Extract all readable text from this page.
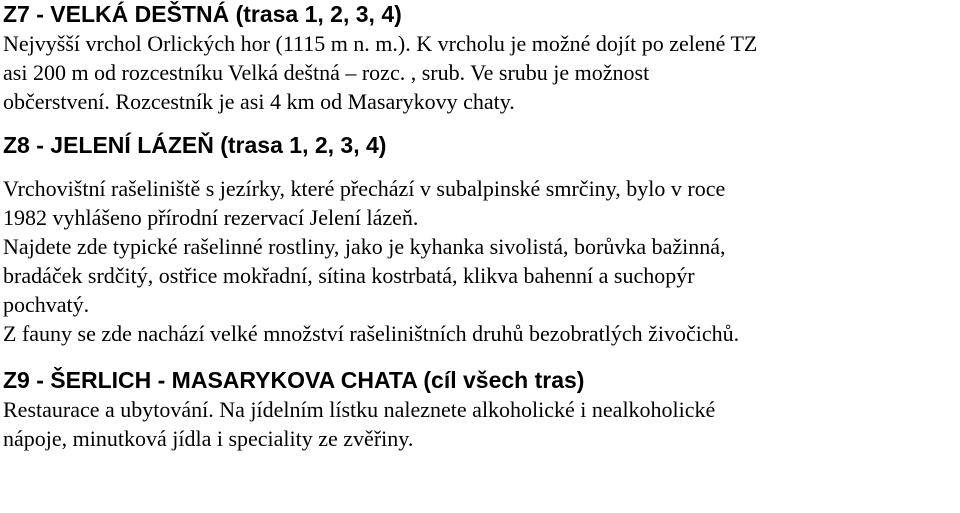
Z7 - VELKÁ DEŠTNÁ (trasa 1, 2, 3, 4)

Nejvyšší vrchol Orlických hor (1115 m n. m.). K vrcholu je možné dojít po zelené TZ
asi 200 m od rozcestníku Velká deštná – rozc. , srub. Ve srubu je možnost
občerstvení. Rozcestník je asi 4 km od Masarykovy chaty.

Z8 - JELENÍ LÁZEŇ (trasa 1, 2, 3, 4)

Vrchovištní rašeliniště s jezírky, které přechází v subalpinské smrčiny, bylo v roce
1982 vyhlášeno přírodní rezervací Jelení lázeň.
Najdete zde typické rašelinné rostliny, jako je kyhanka sivolistá, borůvka bažinná,
bradáček srdčitý, ostřice mokřadní, sítina kostrbatá, klikva bahenní a suchopýr
pochvatý.
Z fauny se zde nachází velké množství rašeliništních druhů bezobratlých živočichů.

Z9 - ŠERLICH - MASARYKOVA CHATA (cíl všech tras)

Restaurace a ubytování. Na jídelním lístku naleznete alkoholické i nealkoholické
nápoje, minutková jídla i speciality ze zvěřiny.
